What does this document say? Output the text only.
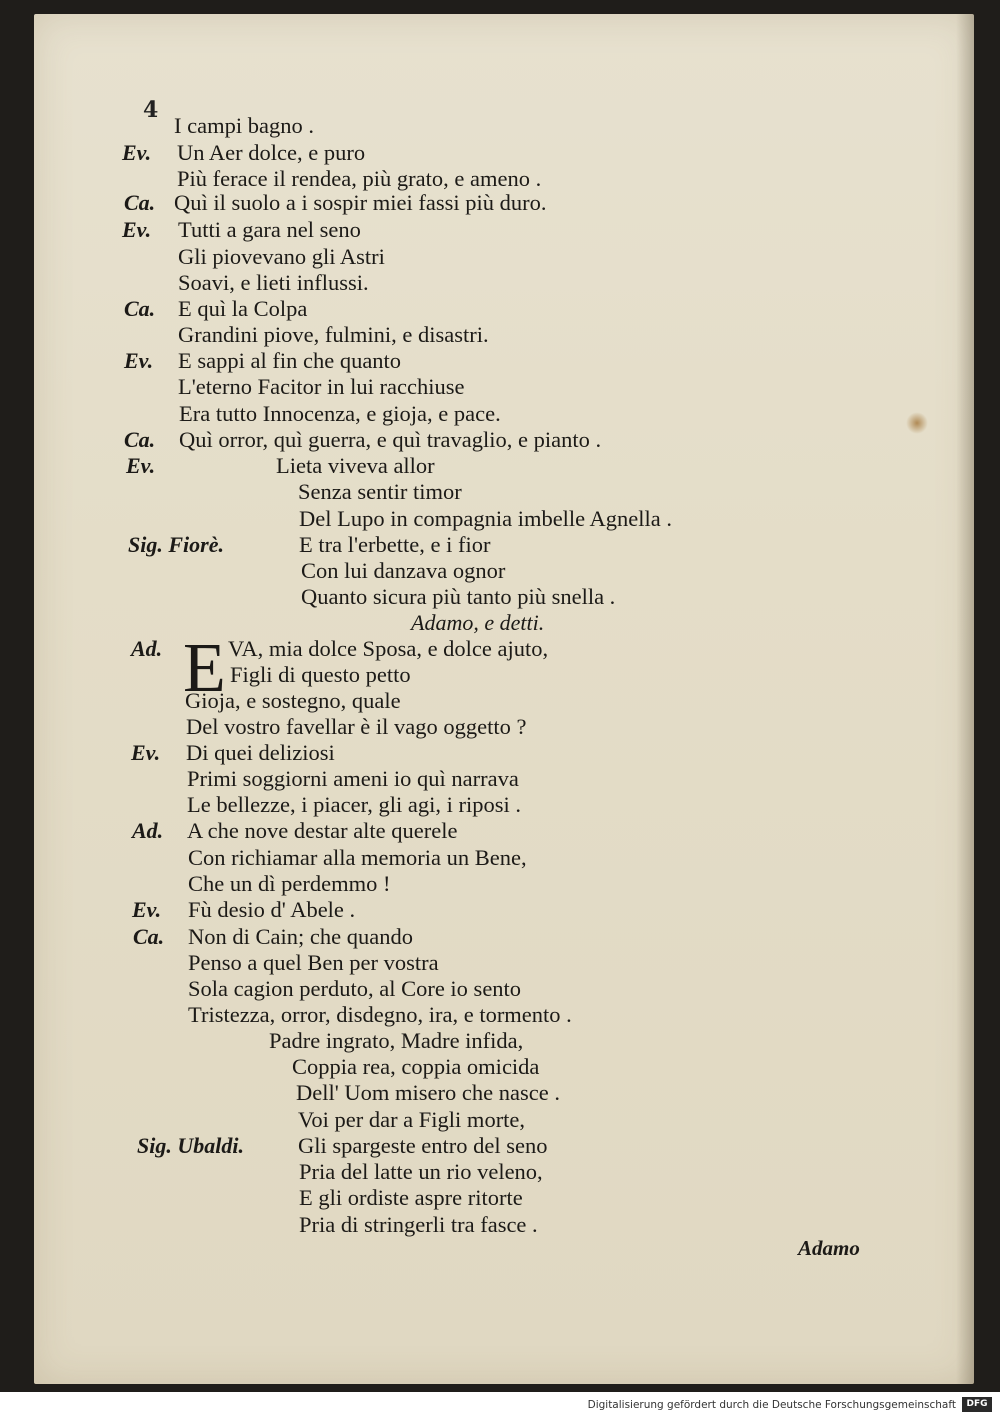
4
Ev.
Ca.
Ev.
Ca.
Ev.
Ca.
Ev.
Sig. Fiorè.
Ad.
Ev.
Ad.
Ev.
Ca.
Sig. Ubaldi.
I campi bagno .
Un Aer dolce, e puro
Più ferace il rendea, più grato, e ameno .
Quì il suolo a i sospir miei fassi più duro.
Tutti a gara nel seno
Gli piovevano gli Astri
Soavi, e lieti influssi.
E quì la Colpa
Grandini piove, fulmini, e disastri.
E sappi al fin che quanto
L'eterno Facitor in lui racchiuse
Era tutto Innocenza, e gioja, e pace.
Quì orror, quì guerra, e quì travaglio, e pianto .
Lieta viveva allor
Senza sentir timor
Del Lupo in compagnia imbelle Agnella .
E tra l'erbette, e i fior
Con lui danzava ognor
Quanto sicura più tanto più snella .
Adamo, e detti.
E VA, mia dolce Sposa, e dolce ajuto,
Figli di questo petto
Gioja, e sostegno, quale
Del vostro favellar è il vago oggetto ?
Di quei deliziosi
Primi soggiorni ameni io quì narrava
Le bellezze, i piacer, gli agi, i riposi .
A che nove destar alte querele
Con richiamar alla memoria un Bene,
Che un dì perdemmo !
Fù desio d' Abele .
Non di Cain; che quando
Penso a quel Ben per vostra
Sola cagion perduto, al Core io sento
Tristezza, orror, disdegno, ira, e tormento .
Padre ingrato, Madre infida,
Coppia rea, coppia omicida
Dell' Uom misero che nasce .
Voi per dar a Figli morte,
Gli spargeste entro del seno
Pria del latte un rio veleno,
E gli ordiste aspre ritorte
Pria di stringerli tra fasce .
Adamo
Digitalisierung gefördert durch die Deutsche Forschungsgemeinschaft	DFG
